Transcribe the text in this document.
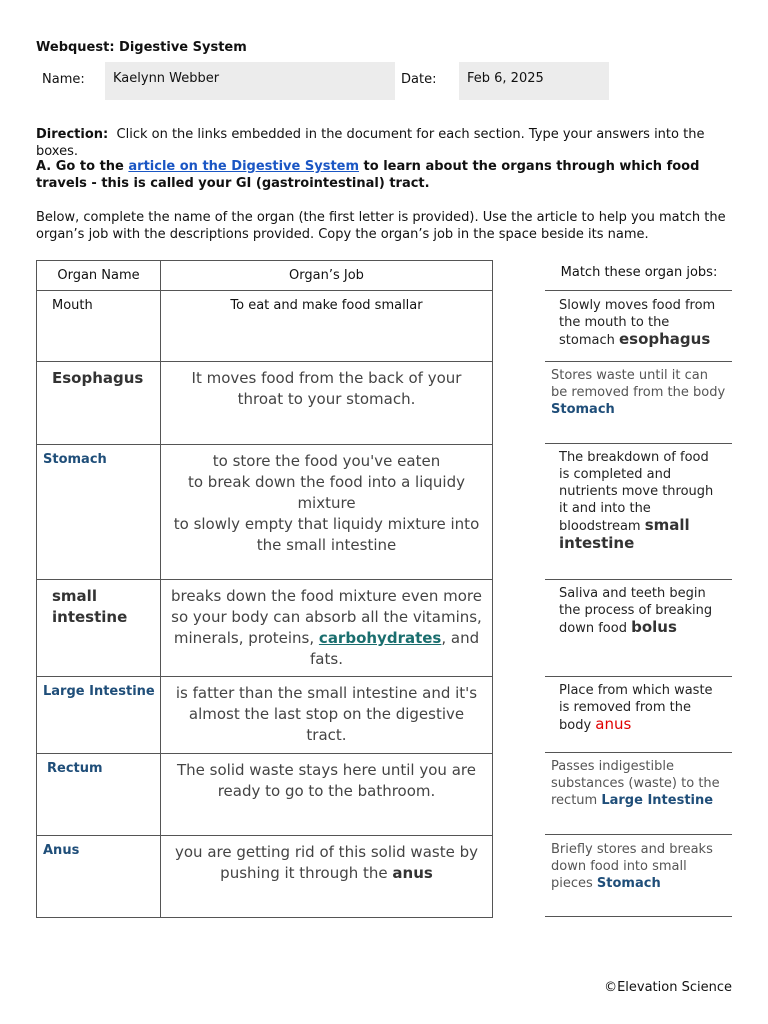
Webquest: Digestive System
Name:	Kaelynn Webber	Date:	Feb 6, 2025
Direction: Click on the links embedded in the document for each section. Type your answers into the boxes.
A. Go to the article on the Digestive System to learn about the organs through which food travels - this is called your GI (gastrointestinal) tract.
Below, complete the name of the organ (the first letter is provided). Use the article to help you match the organ’s job with the descriptions provided. Copy the organ’s job in the space beside its name.
Organ Name	Organ’s Job

Mouth	To eat and make food smallar

Esophagus	It moves food from the back of your throat to your stomach.

Stomach	to store the food you've eaten
to break down the food into a liquidy mixture
to slowly empty that liquidy mixture into the small intestine

small intestine	breaks down the food mixture even more so your body can absorb all the vitamins, minerals, proteins, carbohydrates, and fats.

Large Intestine	is fatter than the small intestine and it's almost the last stop on the digestive tract.

Rectum	The solid waste stays here until you are ready to go to the bathroom.

Anus	you are getting rid of this solid waste by pushing it through the anus
Match these organ jobs:
Slowly moves food from the mouth to the stomach esophagus
Stores waste until it can be removed from the body
Stomach
The breakdown of food is completed and nutrients move through it and into the bloodstream small intestine
Saliva and teeth begin the process of breaking down food bolus
Place from which waste is removed from the body anus
Passes indigestible substances (waste) to the rectum Large Intestine
Briefly stores and breaks down food into small pieces Stomach
©Elevation Science
